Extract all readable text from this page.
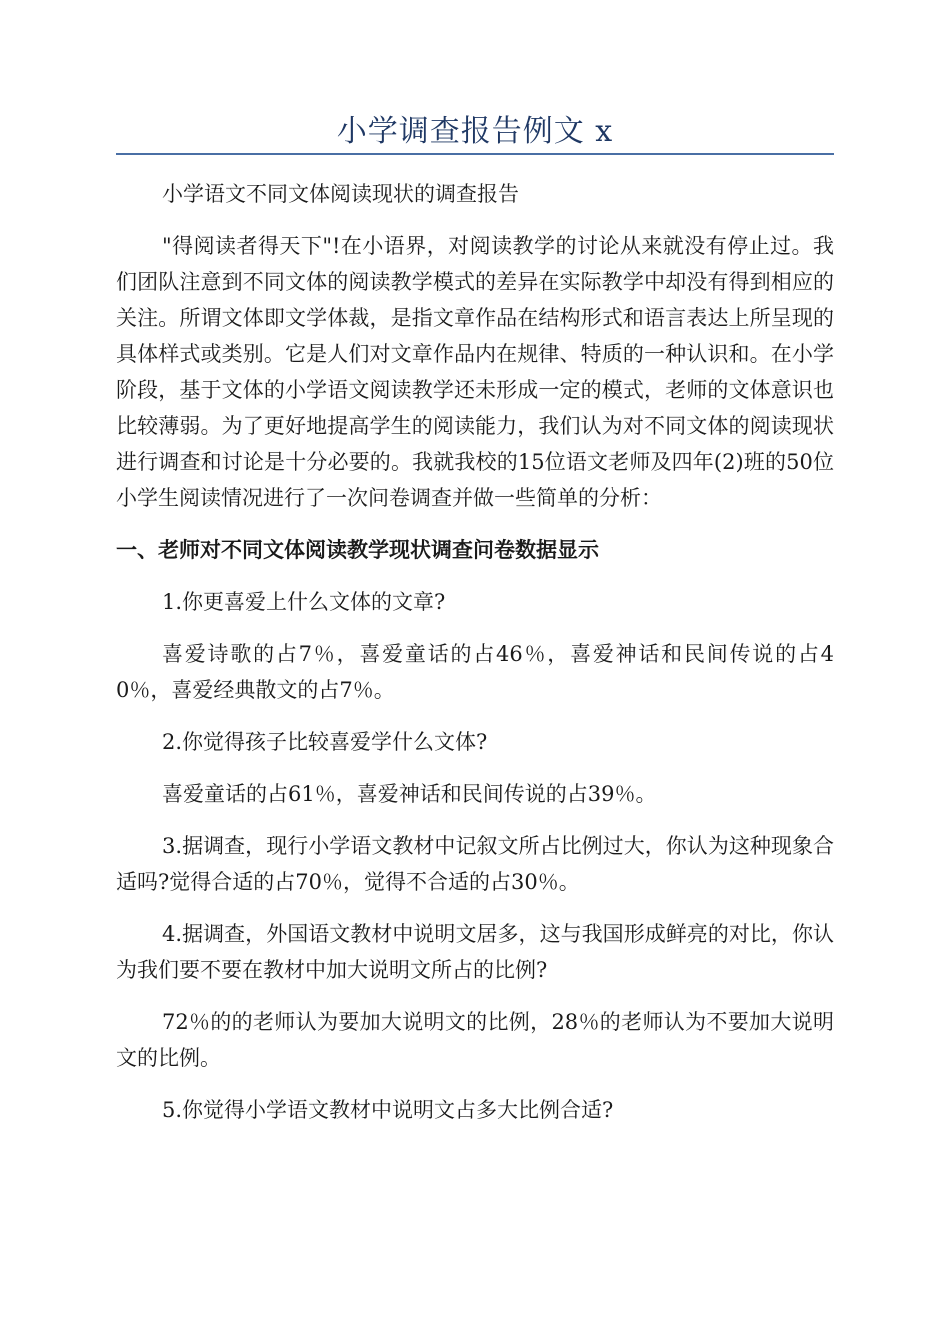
小学调查报告例文 x

小学语文不同文体阅读现状的调查报告

"得阅读者得天下"!在小语界，对阅读教学的讨论从来就没有停止过。我们团队注意到不同文体的阅读教学模式的差异在实际教学中却没有得到相应的关注。所谓文体即文学体裁，是指文章作品在结构形式和语言表达上所呈现的具体样式或类别。它是人们对文章作品内在规律、特质的一种认识和。在小学阶段，基于文体的小学语文阅读教学还未形成一定的模式，老师的文体意识也比较薄弱。为了更好地提高学生的阅读能力，我们认为对不同文体的阅读现状进行调查和讨论是十分必要的。我就我校的15位语文老师及四年(2)班的50位小学生阅读情况进行了一次问卷调查并做一些简单的分析：

一、老师对不同文体阅读教学现状调查问卷数据显示

1.你更喜爱上什么文体的文章?

喜爱诗歌的占7％，喜爱童话的占46％，喜爱神话和民间传说的占40％，喜爱经典散文的占7％。

2.你觉得孩子比较喜爱学什么文体?

喜爱童话的占61％，喜爱神话和民间传说的占39％。

3.据调查，现行小学语文教材中记叙文所占比例过大，你认为这种现象合适吗?觉得合适的占70％，觉得不合适的占30％。

4.据调查，外国语文教材中说明文居多，这与我国形成鲜亮的对比，你认为我们要不要在教材中加大说明文所占的比例?

72％的的老师认为要加大说明文的比例，28％的老师认为不要加大说明文的比例。

5.你觉得小学语文教材中说明文占多大比例合适?
